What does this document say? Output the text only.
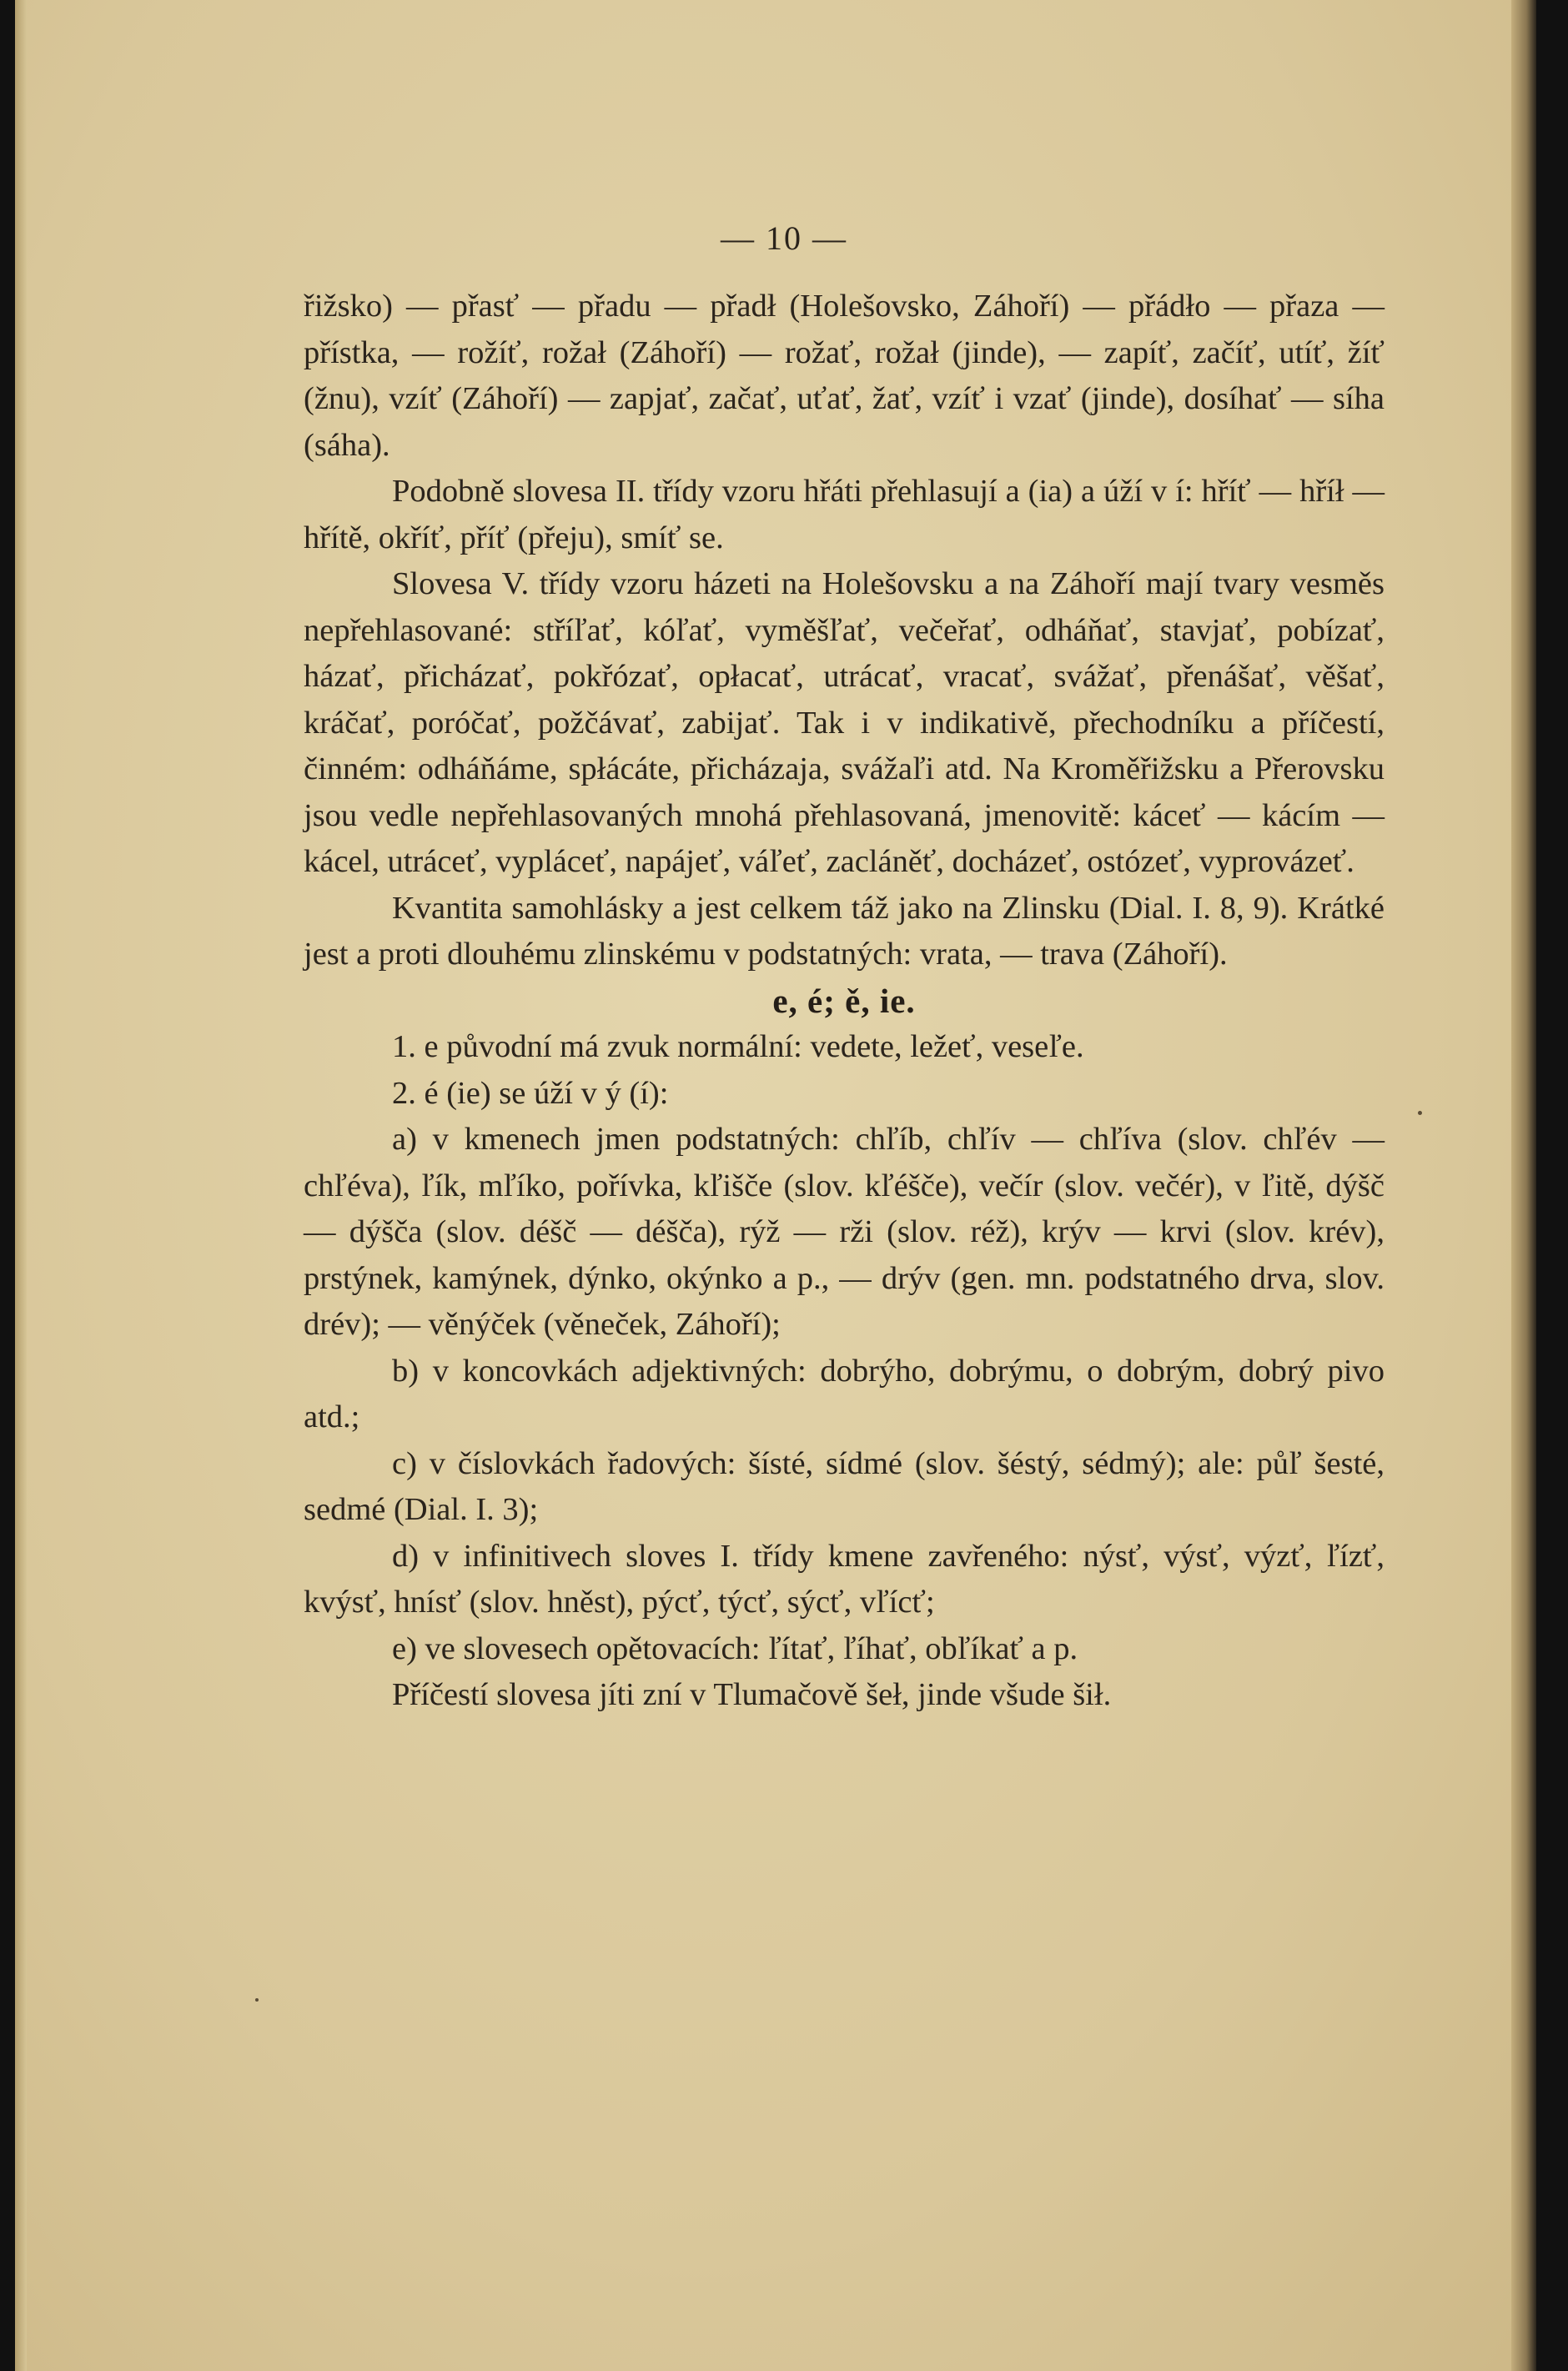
— 10 —

řižsko) — přasť — přadu — přadł (Holešovsko, Záhoří) — přádło — přaza — přístka, — rožíť, rožał (Záhoří) — rožať, rožał (jinde), — zapíť, začíť, utíť, žíť (žnu), vzíť (Záhoří) — zapjať, začať, uťať, žať, vzíť i vzať (jinde), dosíhať — síha (sáha).

Podobně slovesa II. třídy vzoru hřáti přehlasují a (ia) a úží v í: hříť — hříł — hřítě, okříť, příť (přeju), smíť se.

Slovesa V. třídy vzoru házeti na Holešovsku a na Záhoří mají tvary vesměs nepřehlasované: stříľať, kóľať, vyměšľať, večeřať, odháňať, stavjať, pobízať, házať, přicházať, pokřózať, opłacať, utrácať, vracať, svážať, přenášať, věšať, kráčať, poróčať, požčávať, zabijať. Tak i v indikativě, přechodníku a příčestí, činném: odháňáme, spłácáte, přicházaja, svážaľi atd. Na Kroměřižsku a Přerovsku jsou vedle nepřehlasovaných mnohá přehlasovaná, jmenovitě: káceť — kácím — kácel, utráceť, vypláceť, napájeť, váľeť, zacláněť, docházeť, ostózeť, vyprovázeť.

Kvantita samohlásky a jest celkem táž jako na Zlinsku (Dial. I. 8, 9). Krátké jest a proti dlouhému zlinskému v podstatných: vrata, — trava (Záhoří).

e, é; ě, ie.

1. e původní má zvuk normální: vedete, ležeť, veseľe.

2. é (ie) se úží v ý (í):

a) v kmenech jmen podstatných: chľíb, chľív — chľíva (slov. chľév — chľéva), ľík, mľíko, pořívka, kľišče (slov. kľéšče), večír (slov. večér), v ľitě, dýšč — dýšča (slov. déšč — déšča), rýž — rži (slov. réž), krýv — krvi (slov. krév), prstýnek, kamýnek, dýnko, okýnko a p., — drýv (gen. mn. podstatného drva, slov. drév); — věnýček (věneček, Záhoří);

b) v koncovkách adjektivných: dobrýho, dobrýmu, o dobrým, dobrý pivo atd.;

c) v číslovkách řadových: šísté, sídmé (slov. šéstý, sédmý); ale: půľ šesté, sedmé (Dial. I. 3);

d) v infinitivech sloves I. třídy kmene zavřeného: nýsť, výsť, výzť, ľízť, kvýsť, hnísť (slov. hněst), pýcť, týcť, sýcť, vľícť;

e) ve slovesech opětovacích: ľítať, ľíhať, obľíkať a p.

Příčestí slovesa jíti zní v Tlumačově šeł, jinde všude šił.
